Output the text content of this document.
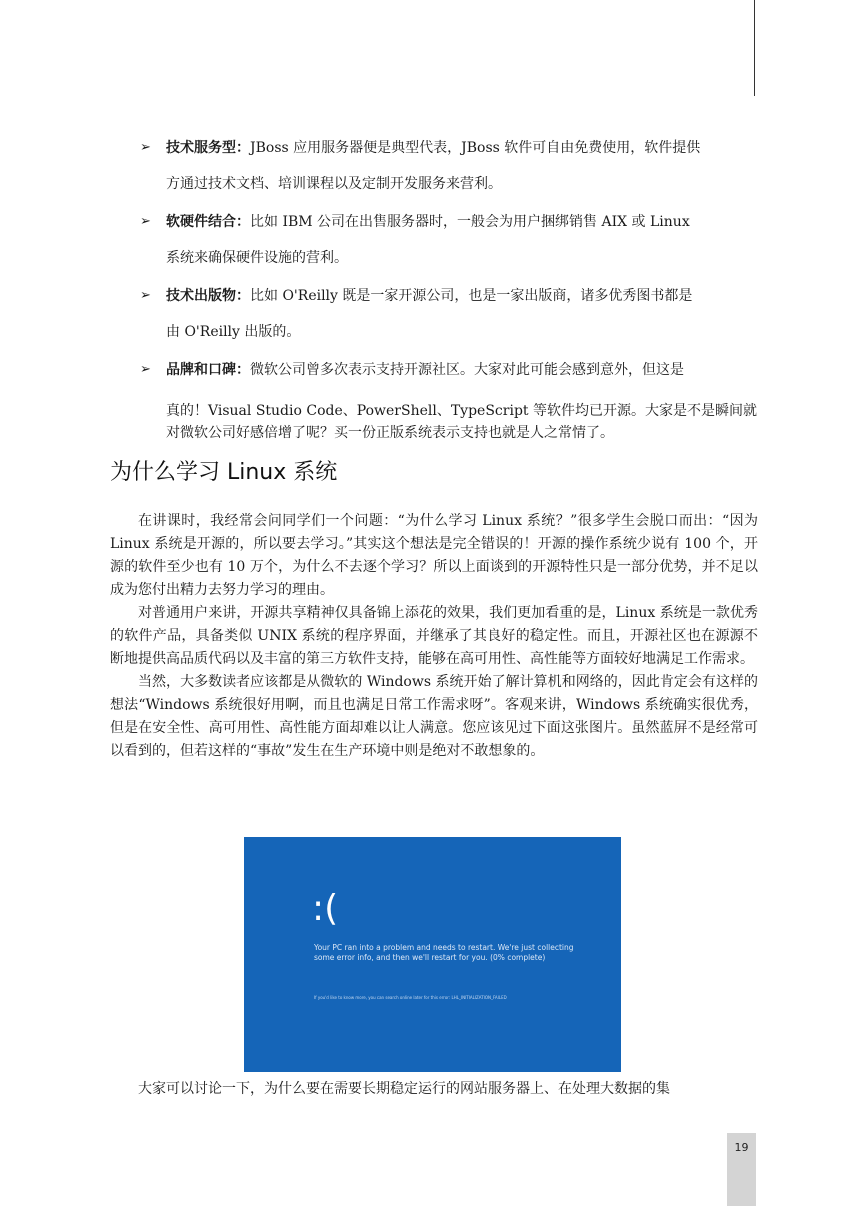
➢ 技术服务型：JBoss 应用服务器便是典型代表，JBoss 软件可自由免费使用，软件提供
方通过技术文档、培训课程以及定制开发服务来营利。
➢ 软硬件结合：比如 IBM 公司在出售服务器时，一般会为用户捆绑销售 AIX 或 Linux
系统来确保硬件设施的营利。
➢ 技术出版物：比如 O'Reilly 既是一家开源公司，也是一家出版商，诸多优秀图书都是
由 O'Reilly 出版的。
➢ 品牌和口碑：微软公司曾多次表示支持开源社区。大家对此可能会感到意外，但这是
真的！Visual Studio Code、PowerShell、TypeScript 等软件均已开源。大家是不是瞬间就对微软公司好感倍增了呢？买一份正版系统表示支持也就是人之常情了。
为什么学习 Linux 系统

在讲课时，我经常会问同学们一个问题：“为什么学习 Linux 系统？”很多学生会脱口而出：“因为 Linux 系统是开源的，所以要去学习。”其实这个想法是完全错误的！开源的操作系统少说有 100 个，开源的软件至少也有 10 万个，为什么不去逐个学习？所以上面谈到的开源特性只是一部分优势，并不足以成为您付出精力去努力学习的理由。

对普通用户来讲，开源共享精神仅具备锦上添花的效果，我们更加看重的是，Linux 系统是一款优秀的软件产品，具备类似 UNIX 系统的程序界面，并继承了其良好的稳定性。而且，开源社区也在源源不断地提供高品质代码以及丰富的第三方软件支持，能够在高可用性、高性能等方面较好地满足工作需求。

当然，大多数读者应该都是从微软的 Windows 系统开始了解计算机和网络的，因此肯定会有这样的想法“Windows 系统很好用啊，而且也满足日常工作需求呀”。客观来讲，Windows 系统确实很优秀，但是在安全性、高可用性、高性能方面却难以让人满意。您应该见过下面这张图片。虽然蓝屏不是经常可以看到的，但若这样的“事故”发生在生产环境中则是绝对不敢想象的。

:(
Your PC ran into a problem and needs to restart. We're just collecting some error info, and then we'll restart for you. (0% complete)
If you'd like to know more, you can search online later for this error: LHL_INITIALIZATION_FAILED
大家可以讨论一下，为什么要在需要长期稳定运行的网站服务器上、在处理大数据的集
19
